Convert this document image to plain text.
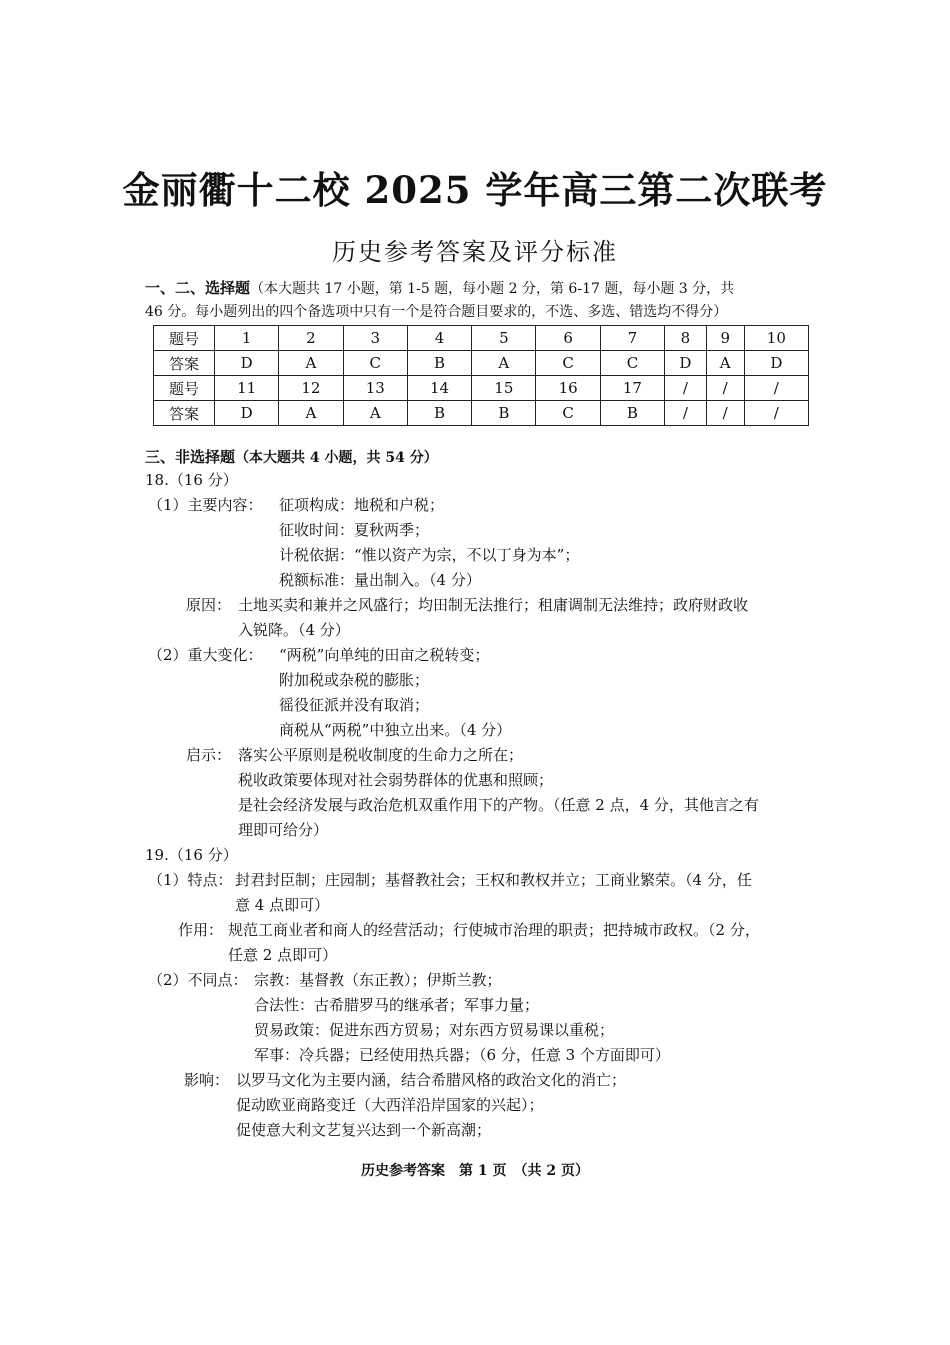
金丽衢十二校 2025 学年高三第二次联考
历史参考答案及评分标准
一、二、选择题（本大题共 17 小题，第 1-5 题，每小题 2 分，第 6-17 题，每小题 3 分，共
46 分。每小题列出的四个备选项中只有一个是符合题目要求的，不选、多选、错选均不得分）
题号	1	2	3	4	5	6	7	8	9	10
答案	D	A	C	B	A	C	C	D	A	D
题号	11	12	13	14	15	16	17	/	/	/
答案	D	A	A	B	B	C	B	/	/	/
三、非选择题（本大题共 4 小题，共 54 分）
18.（16 分）
（1）主要内容： 征项构成：地税和户税；
征收时间：夏秋两季；
计税依据：“惟以资产为宗，不以丁身为本”；
税额标准：量出制入。（4 分）
原因： 土地买卖和兼并之风盛行；均田制无法推行；租庸调制无法维持；政府财政收
入锐降。（4 分）
（2）重大变化： “两税”向单纯的田亩之税转变；
附加税或杂税的膨胀；
徭役征派并没有取消；
商税从“两税”中独立出来。（4 分）
启示： 落实公平原则是税收制度的生命力之所在；
税收政策要体现对社会弱势群体的优惠和照顾；
是社会经济发展与政治危机双重作用下的产物。（任意 2 点，4 分，其他言之有
理即可给分）
19.（16 分）
（1）特点： 封君封臣制；庄园制；基督教社会；王权和教权并立；工商业繁荣。（4 分，任
意 4 点即可）
作用： 规范工商业者和商人的经营活动；行使城市治理的职责；把持城市政权。（2 分，
任意 2 点即可）
（2）不同点： 宗教：基督教（东正教）；伊斯兰教；
合法性：古希腊罗马的继承者；军事力量；
贸易政策：促进东西方贸易；对东西方贸易课以重税；
军事：冷兵器；已经使用热兵器；（6 分，任意 3 个方面即可）
影响： 以罗马文化为主要内涵，结合希腊风格的政治文化的消亡；
促动欧亚商路变迁（大西洋沿岸国家的兴起）；
促使意大利文艺复兴达到一个新高潮；
历史参考答案　第 1 页　（共 2 页）
